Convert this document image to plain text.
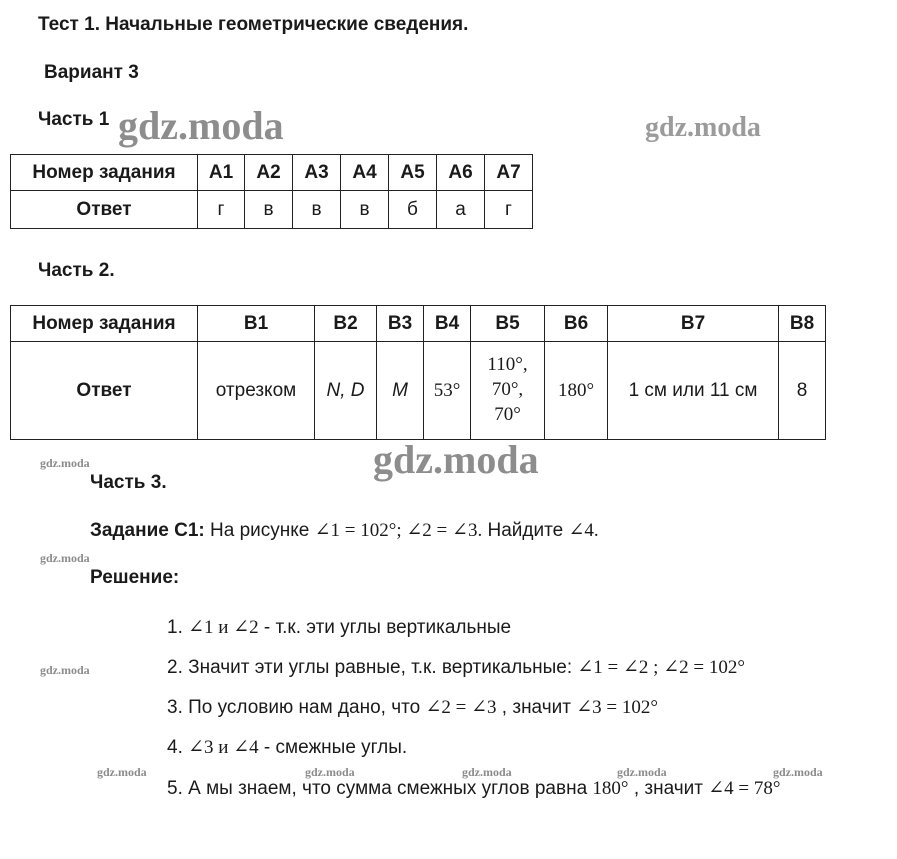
Тест 1. Начальные геометрические сведения.
Вариант 3
Часть 1
Номер задания	А1	А2	А3	А4	А5	А6	А7
Ответ	г	в	в	в	б	а	г
Часть 2.
Номер задания	В1	В2	В3	В4	В5	В6	В7	В8
Ответ	отрезком	N, D	M	53°	110°,
70°,
70°	180°	1 см или 11 см	8
Часть 3.
Задание С1: На рисунке ∠1 = 102°; ∠2 = ∠3. Найдите ∠4.
Решение:
1. ∠1 и ∠2 - т.к. эти углы вертикальные
2. Значит эти углы равные, т.к. вертикальные: ∠1 = ∠2 ; ∠2 = 102°
3. По условию нам дано, что ∠2 = ∠3 , значит ∠3 = 102°
4. ∠3 и ∠4 - смежные углы.
5. А мы знаем, что сумма смежных углов равна 180° , значит ∠4 = 78°
gdz.moda	gdz.moda
gdz.moda
gdz.moda
gdz.moda
gdz.moda
gdz.moda	gdz.moda	gdz.moda	gdz.moda	gdz.moda
